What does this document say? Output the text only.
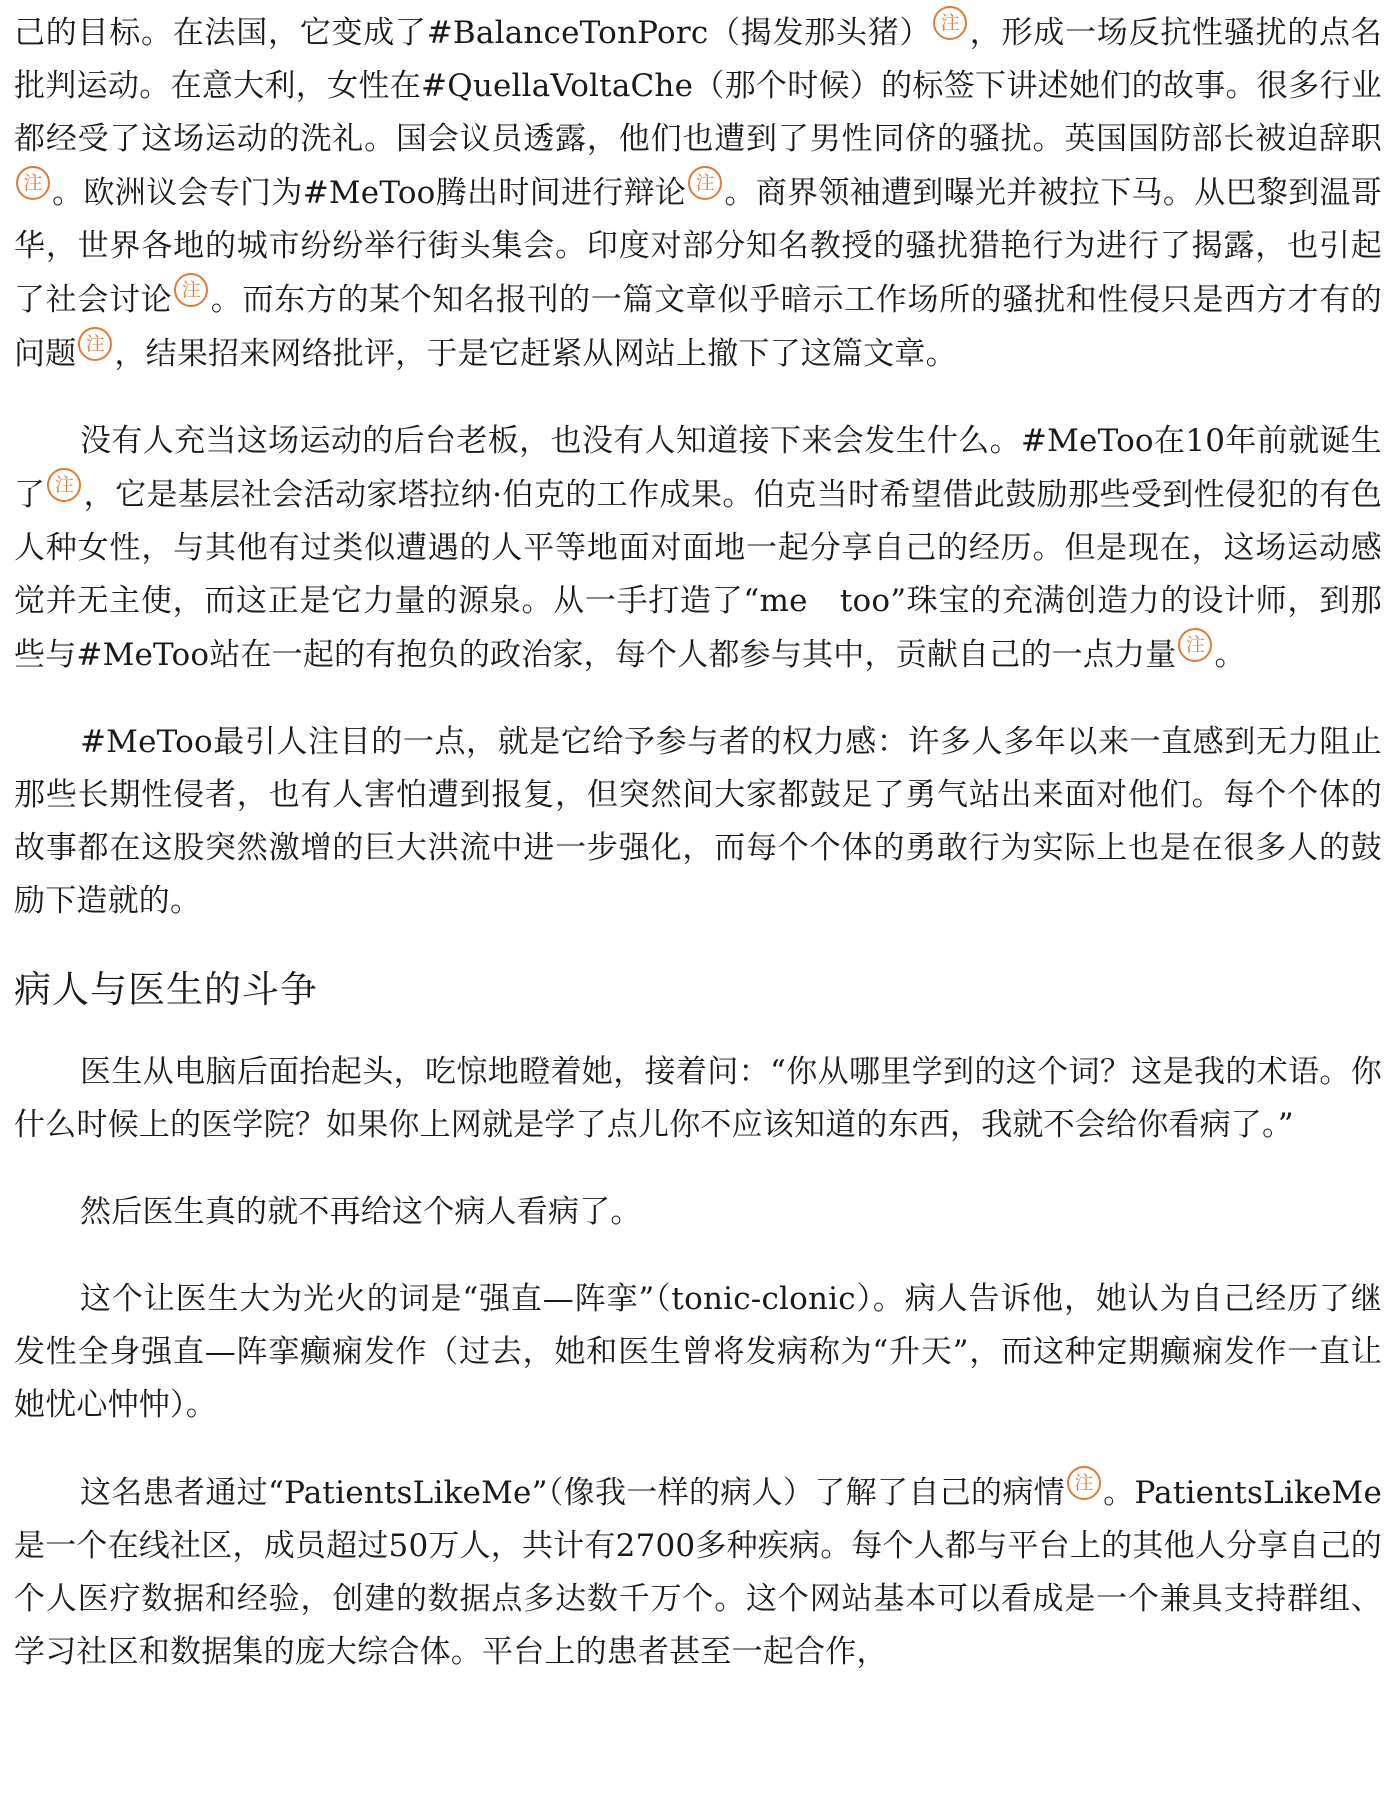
己的目标。在法国，它变成了#BalanceTonPorc（揭发那头猪） 注 ，形成一场反抗性骚扰的点名批判运动。在意大利，女性在#QuellaVoltaChe（那个时候）的标签下讲述她们的故事。很多行业都经受了这场运动的洗礼。国会议员透露，他们也遭到了男性同侪的骚扰。英国国防部长被迫辞职注 。欧洲议会专门为#MeToo腾出时间进行辩论 注 。商界领袖遭到曝光并被拉下马。从巴黎到温哥华，世界各地的城市纷纷举行街头集会。印度对部分知名教授的骚扰猎艳行为进行了揭露，也引起了社会讨论 注 。而东方的某个知名报刊的一篇文章似乎暗示工作场所的骚扰和性侵只是西方才有的问题 注 ，结果招来网络批评，于是它赶紧从网站上撤下了这篇文章。

没有人充当这场运动的后台老板，也没有人知道接下来会发生什么。#MeToo在10年前就诞生了 注 ，它是基层社会活动家塔拉纳·伯克的工作成果。伯克当时希望借此鼓励那些受到性侵犯的有色人种女性，与其他有过类似遭遇的人平等地面对面地一起分享自己的经历。但是现在，这场运动感觉并无主使，而这正是它力量的源泉。从一手打造了“me　too”珠宝的充满创造力的设计师，到那些与#MeToo站在一起的有抱负的政治家，每个人都参与其中，贡献自己的一点力量 注 。

#MeToo最引人注目的一点，就是它给予参与者的权力感：许多人多年以来一直感到无力阻止那些长期性侵者，也有人害怕遭到报复，但突然间大家都鼓足了勇气站出来面对他们。每个个体的故事都在这股突然激增的巨大洪流中进一步强化，而每个个体的勇敢行为实际上也是在很多人的鼓励下造就的。

病人与医生的斗争

医生从电脑后面抬起头，吃惊地瞪着她，接着问：“你从哪里学到的这个词？这是我的术语。你什么时候上的医学院？如果你上网就是学了点儿你不应该知道的东西，我就不会给你看病了。”

然后医生真的就不再给这个病人看病了。

这个让医生大为光火的词是“强直—阵挛”（tonic-clonic）。病人告诉他，她认为自己经历了继发性全身强直—阵挛癫痫发作（过去，她和医生曾将发病称为“升天”，而这种定期癫痫发作一直让她忧心忡忡）。

这名患者通过“PatientsLikeMe”（像我一样的病人）了解了自己的病情 注 。PatientsLikeMe是一个在线社区，成员超过50万人，共计有2700多种疾病。每个人都与平台上的其他人分享自己的个人医疗数据和经验，创建的数据点多达数千万个。这个网站基本可以看成是一个兼具支持群组、学习社区和数据集的庞大综合体。平台上的患者甚至一起合作，
